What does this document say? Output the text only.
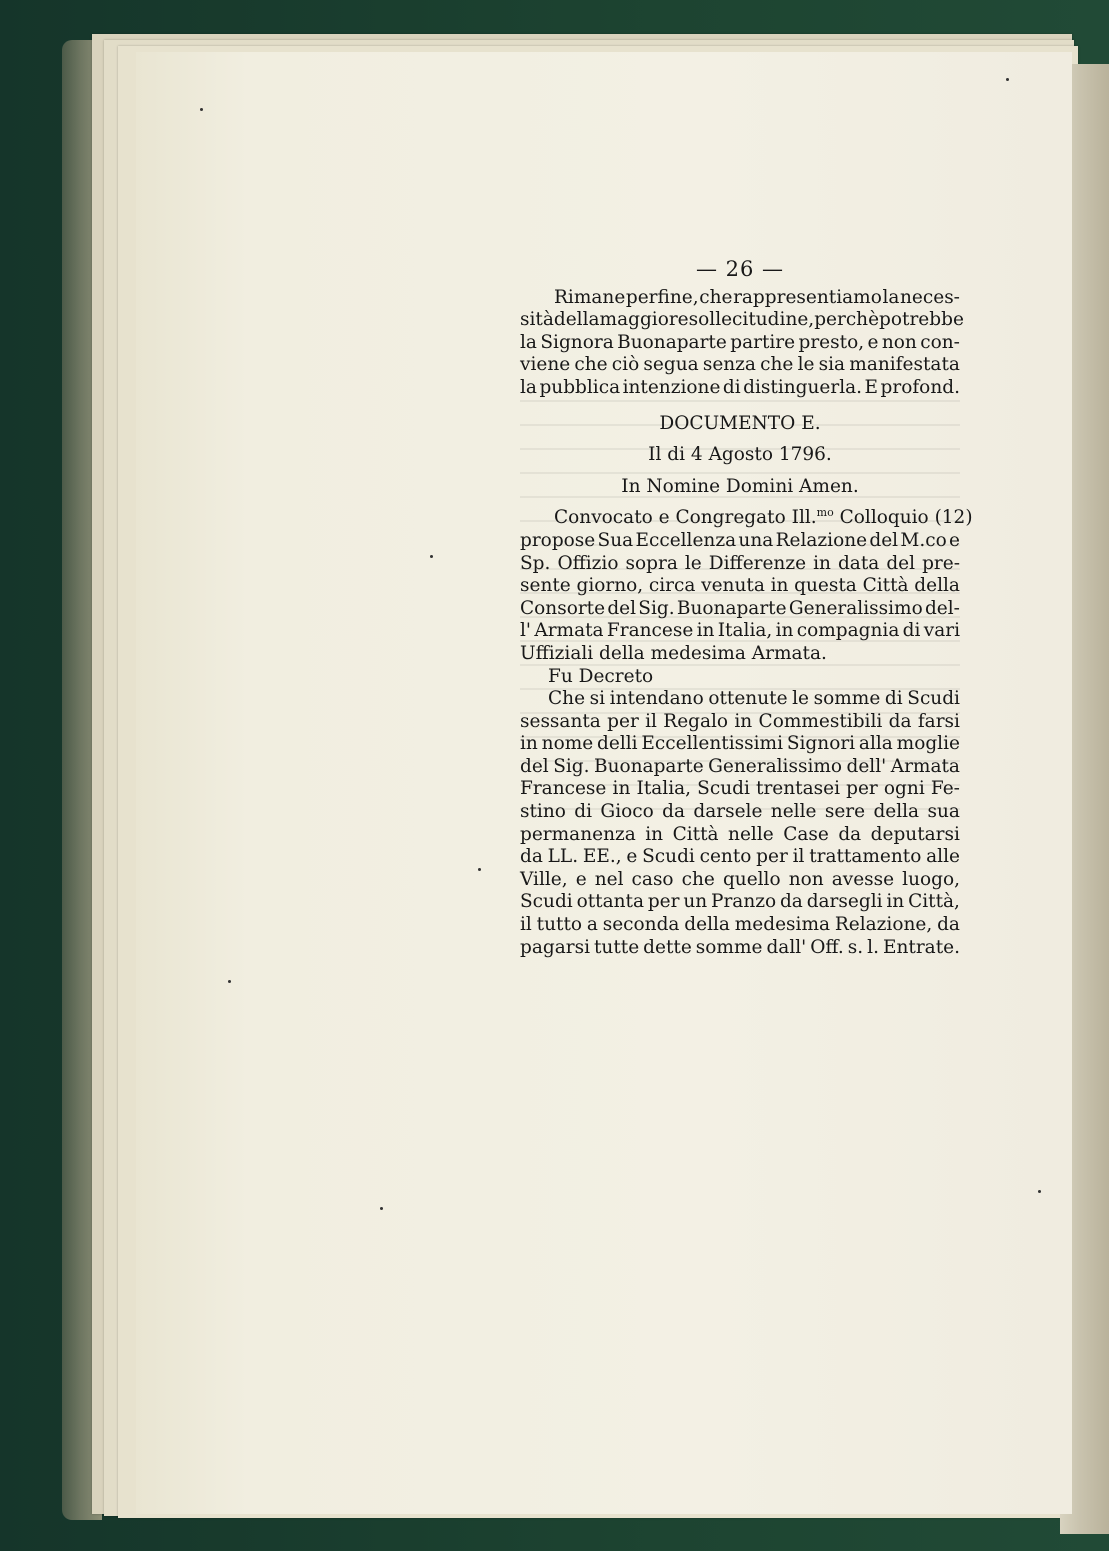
— 26 —
Rimane perfine, che rappresentiamo la neces-
sità della maggiore sollecitudine, perchè potrebbe
la Signora Buonaparte partire presto, e non con-
viene che ciò segua senza che le sia manifestata
la pubblica intenzione di distinguerla. E profond.
DOCUMENTO E.
Il di 4 Agosto 1796.
In Nomine Domini Amen.
Convocato e Congregato Ill.$^{mo}$ Colloquio (12)
propose Sua Eccellenza una Relazione del M.co e
Sp. Offizio sopra le Differenze in data del pre-
sente giorno, circa venuta in questa Città della
Consorte del Sig. Buonaparte Generalissimo del-
l' Armata Francese in Italia, in compagnia di vari
Uffiziali della medesima Armata.
Fu Decreto
Che si intendano ottenute le somme di Scudi
sessanta per il Regalo in Commestibili da farsi
in nome delli Eccellentissimi Signori alla moglie
del Sig. Buonaparte Generalissimo dell' Armata
Francese in Italia, Scudi trentasei per ogni Fe-
stino di Gioco da darsele nelle sere della sua
permanenza in Città nelle Case da deputarsi
da LL. EE., e Scudi cento per il trattamento alle
Ville, e nel caso che quello non avesse luogo,
Scudi ottanta per un Pranzo da darsegli in Città,
il tutto a seconda della medesima Relazione, da
pagarsi tutte dette somme dall' Off. s. l. Entrate.
